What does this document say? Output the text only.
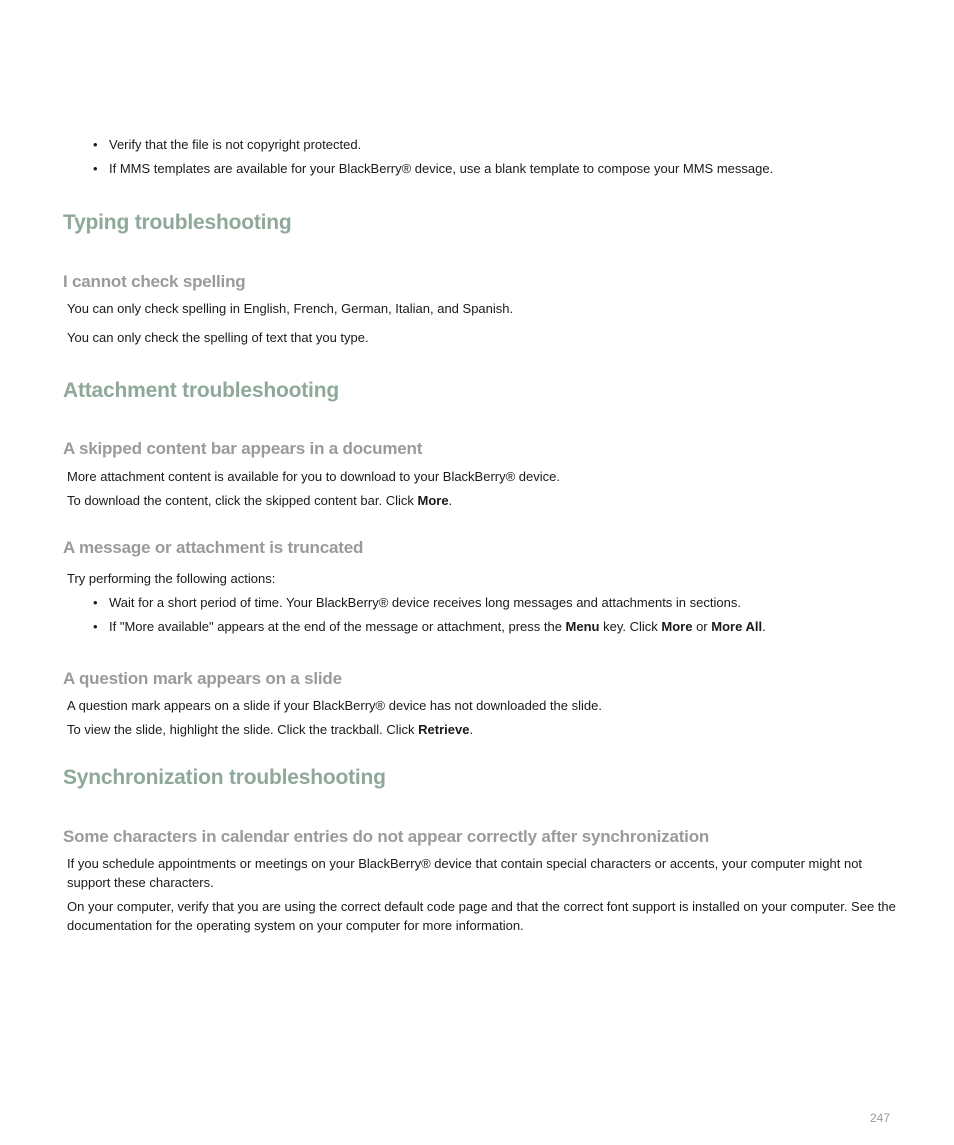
• Verify that the file is not copyright protected.
• If MMS templates are available for your BlackBerry® device, use a blank template to compose your MMS message.
Typing troubleshooting
I cannot check spelling
You can only check spelling in English, French, German, Italian, and Spanish.
You can only check the spelling of text that you type.
Attachment troubleshooting
A skipped content bar appears in a document
More attachment content is available for you to download to your BlackBerry® device.
To download the content, click the skipped content bar. Click More.
A message or attachment is truncated
Try performing the following actions:
• Wait for a short period of time. Your BlackBerry® device receives long messages and attachments in sections.
• If "More available" appears at the end of the message or attachment, press the Menu key. Click More or More All.
A question mark appears on a slide
A question mark appears on a slide if your BlackBerry® device has not downloaded the slide.
To view the slide, highlight the slide. Click the trackball. Click Retrieve.
Synchronization troubleshooting
Some characters in calendar entries do not appear correctly after synchronization
If you schedule appointments or meetings on your BlackBerry® device that contain special characters or accents, your computer might not support these characters.
On your computer, verify that you are using the correct default code page and that the correct font support is installed on your computer. See the documentation for the operating system on your computer for more information.
247
